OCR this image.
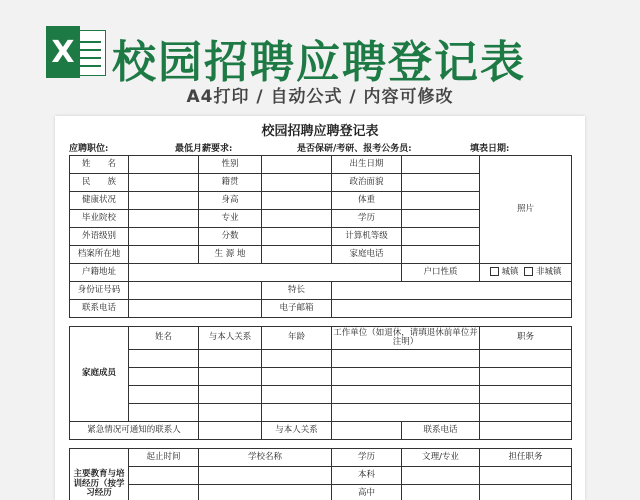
X 校园招聘应聘登记表
A4打印 / 自动公式 / 内容可修改
校园招聘应聘登记表
应聘职位:	最低月薪要求:	是否保研/考研、报考公务员:	填表日期:
姓　　名		性别		出生日期		照片
民　　族		籍贯		政治面貌		
健康状况		身高		体重		
毕业院校		专业		学历		
外语级别		分数		计算机等级		
档案所在地		生 源 地		家庭电话		
户籍地址					户口性质	城镇 非城镇
身份证号码			特长			
联系电话			电子邮箱			

家庭成员	姓名	与本人关系	年龄	工作单位（如退休，请填退休前单位并注明）		职务

紧急情况可通知的联系人			与本人关系		联系电话	

主要教育与培训经历（按学习经历	起止时间	学校名称		学历	文理/专业	担任职务
				本科		
				高中		
